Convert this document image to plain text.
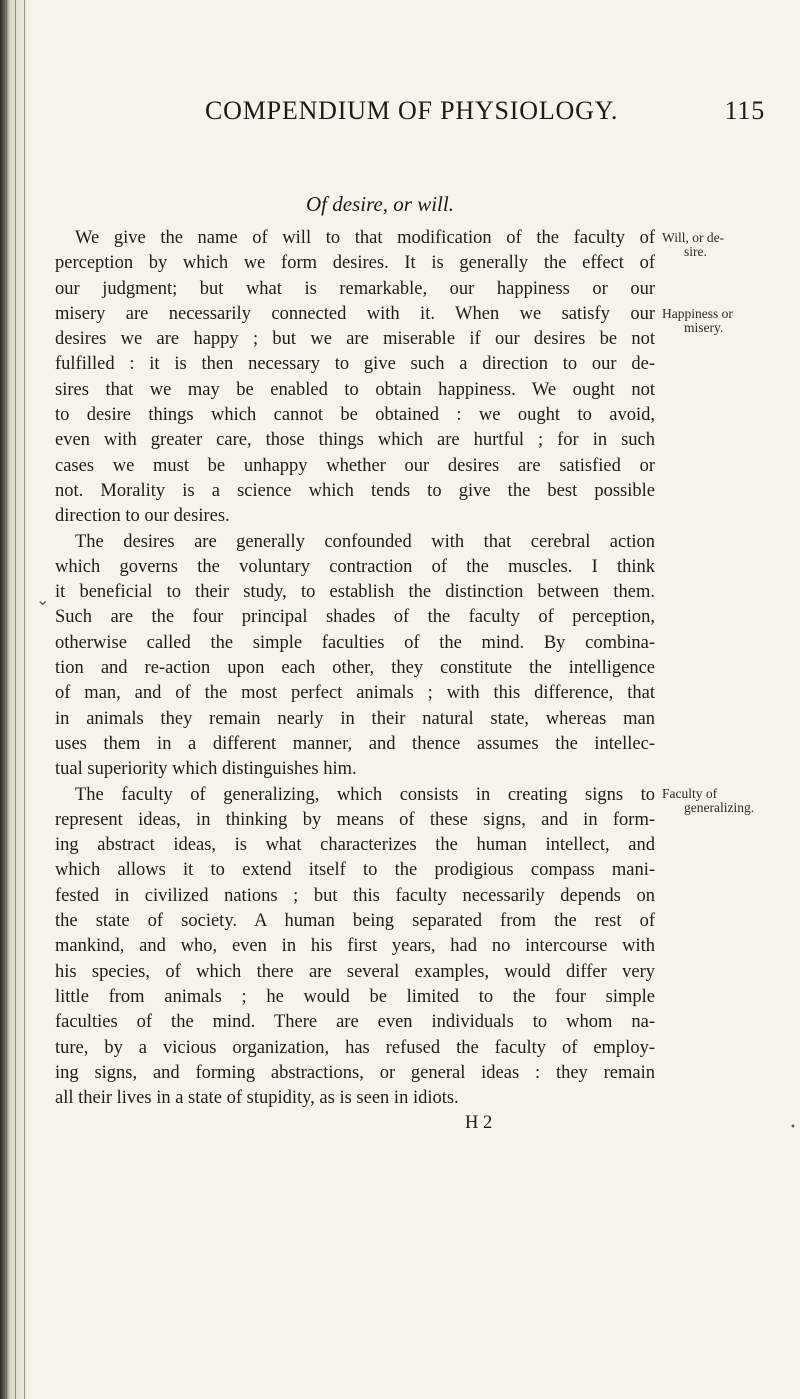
COMPENDIUM OF PHYSIOLOGY.	115
Of desire, or will.
We give the name of will to that modification of the faculty of
perception by which we form desires. It is generally the effect of
our judgment; but what is remarkable, our happiness or our
misery are necessarily connected with it. When we satisfy our
desires we are happy ; but we are miserable if our desires be not
fulfilled : it is then necessary to give such a direction to our de-
sires that we may be enabled to obtain happiness. We ought not
to desire things which cannot be obtained : we ought to avoid,
even with greater care, those things which are hurtful ; for in such
cases we must be unhappy whether our desires are satisfied or
not. Morality is a science which tends to give the best possible
direction to our desires.
The desires are generally confounded with that cerebral action
which governs the voluntary contraction of the muscles. I think
it beneficial to their study, to establish the distinction between them.
Such are the four principal shades of the faculty of perception,
otherwise called the simple faculties of the mind. By combina-
tion and re-action upon each other, they constitute the intelligence
of man, and of the most perfect animals ; with this difference, that
in animals they remain nearly in their natural state, whereas man
uses them in a different manner, and thence assumes the intellec-
tual superiority which distinguishes him.
The faculty of generalizing, which consists in creating signs to
represent ideas, in thinking by means of these signs, and in form-
ing abstract ideas, is what characterizes the human intellect, and
which allows it to extend itself to the prodigious compass mani-
fested in civilized nations ; but this faculty necessarily depends on
the state of society. A human being separated from the rest of
mankind, and who, even in his first years, had no intercourse with
his species, of which there are several examples, would differ very
little from animals ; he would be limited to the four simple
faculties of the mind. There are even individuals to whom na-
ture, by a vicious organization, has refused the faculty of employ-
ing signs, and forming abstractions, or general ideas : they remain
all their lives in a state of stupidity, as is seen in idiots.
H 2
Will, or de-
sire.
Happiness or
misery.
Faculty of
generalizing.
⌄
•
